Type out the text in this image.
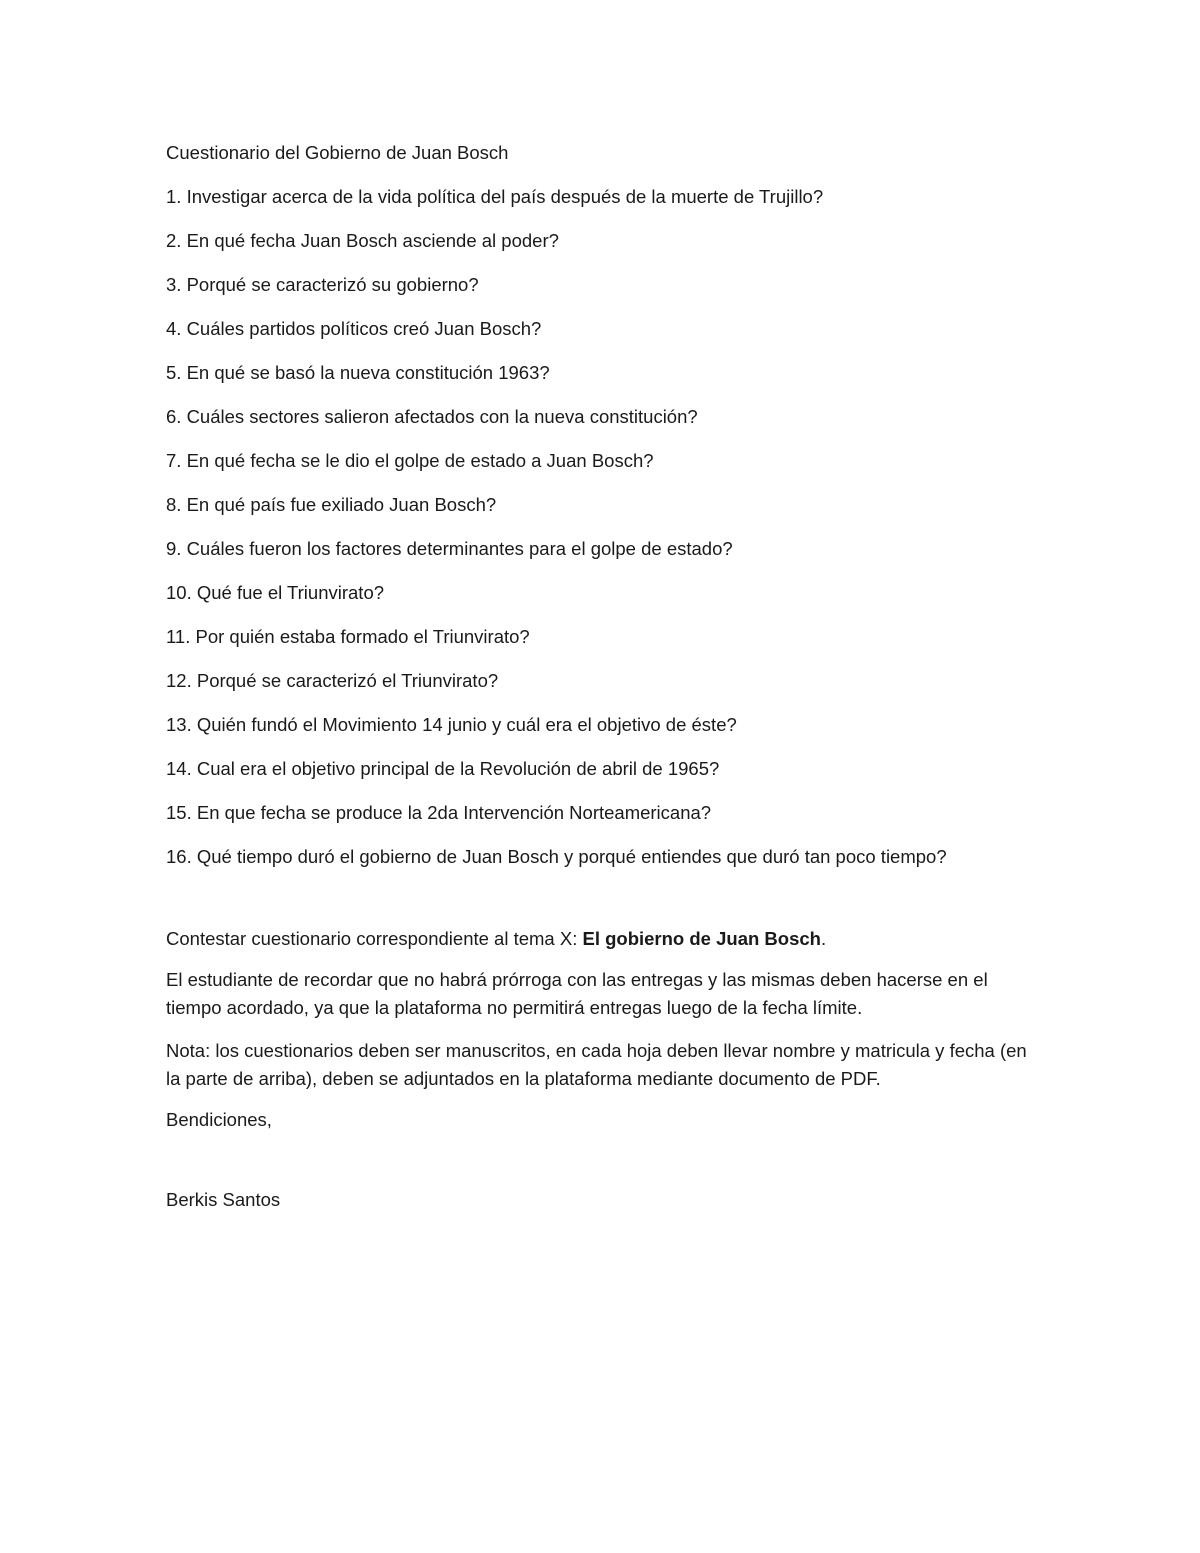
Cuestionario del Gobierno de Juan Bosch

1. Investigar acerca de la vida política del país después de la muerte de Trujillo?
2. En qué fecha Juan Bosch asciende al poder?
3. Porqué se caracterizó su gobierno?
4. Cuáles partidos políticos creó Juan Bosch?
5. En qué se basó la nueva constitución 1963?
6. Cuáles sectores salieron afectados con la nueva constitución?
7. En qué fecha se le dio el golpe de estado a Juan Bosch?
8. En qué país fue exiliado Juan Bosch?
9. Cuáles fueron los factores determinantes para el golpe de estado?
10. Qué fue el Triunvirato?
11. Por quién estaba formado el Triunvirato?
12. Porqué se caracterizó el Triunvirato?
13. Quién fundó el Movimiento 14 junio y cuál era el objetivo de éste?
14. Cual era el objetivo principal de la Revolución de abril de 1965?
15. En que fecha se produce la 2da Intervención Norteamericana?
16. Qué tiempo duró el gobierno de Juan Bosch y porqué entiendes que duró tan poco tiempo?

Contestar cuestionario correspondiente al tema X: El gobierno de Juan Bosch.

El estudiante de recordar que no habrá prórroga con las entregas y las mismas deben hacerse en el tiempo acordado, ya que la plataforma no permitirá entregas luego de la fecha límite.

Nota: los cuestionarios deben ser manuscritos, en cada hoja deben llevar nombre y matricula y fecha (en la parte de arriba), deben se adjuntados en la plataforma mediante documento de PDF.

Bendiciones,

Berkis Santos
